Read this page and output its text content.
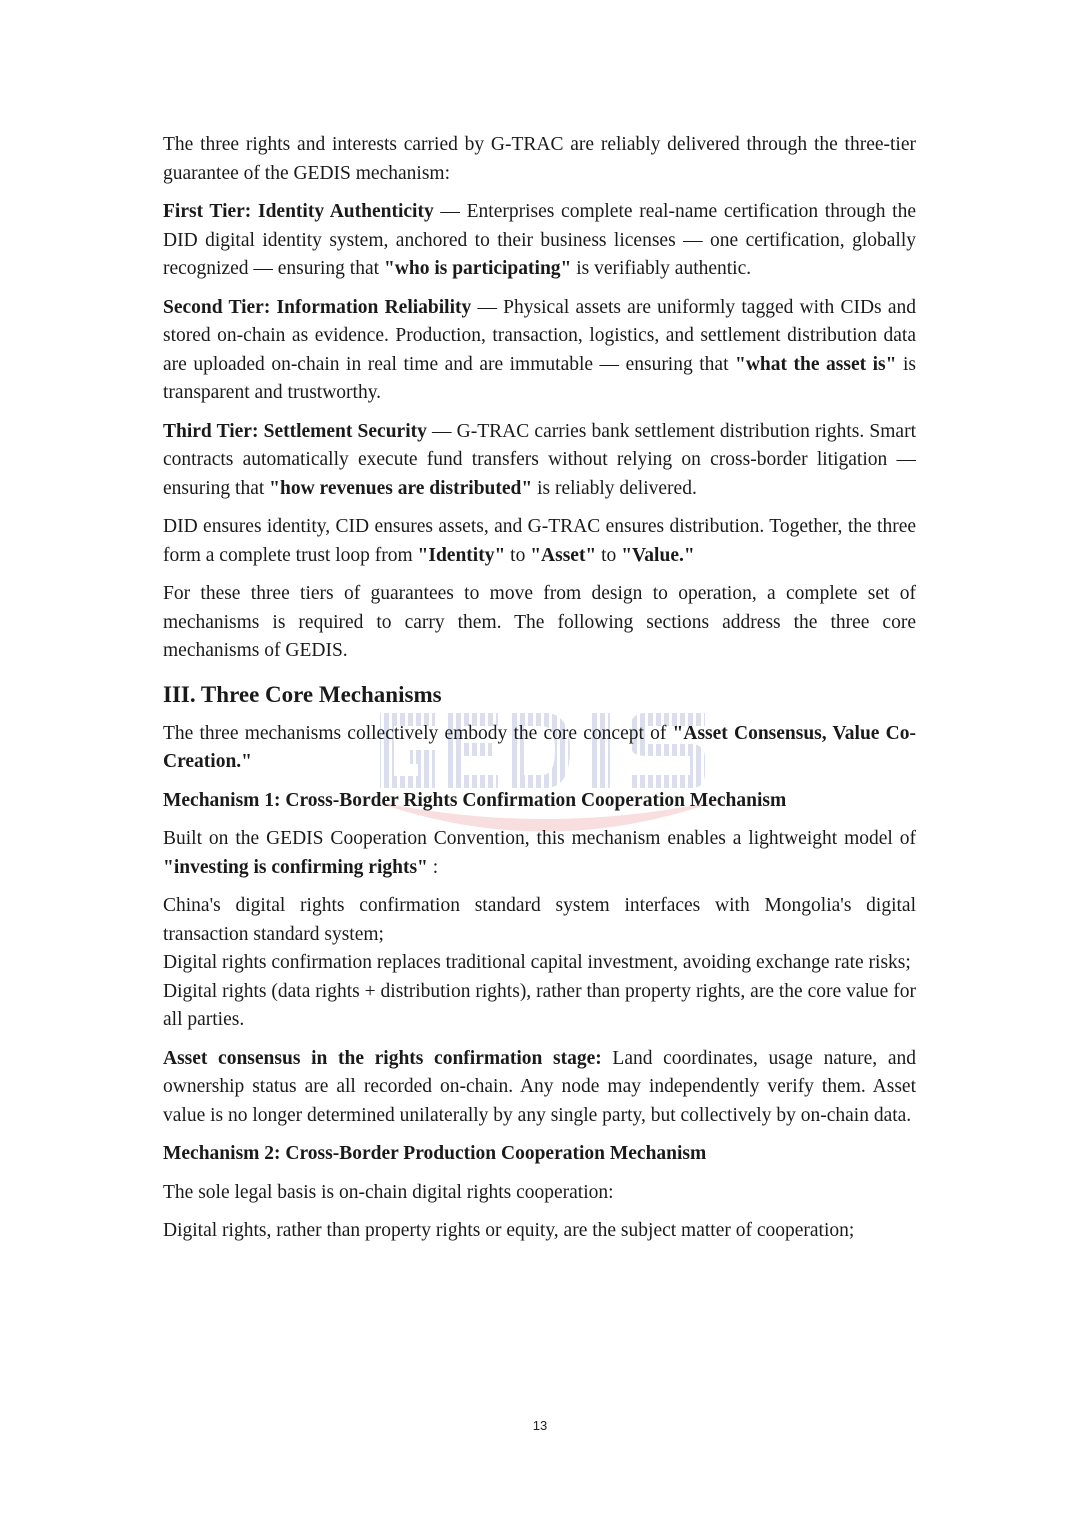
The three rights and interests carried by G-TRAC are reliably delivered through the three-tier guarantee of the GEDIS mechanism:

First Tier: Identity Authenticity — Enterprises complete real-name certification through the DID digital identity system, anchored to their business licenses — one certification, globally recognized — ensuring that "who is participating" is verifiably authentic.

Second Tier: Information Reliability — Physical assets are uniformly tagged with CIDs and stored on-chain as evidence. Production, transaction, logistics, and settlement distribution data are uploaded on-chain in real time and are immutable — ensuring that "what the asset is" is transparent and trustworthy.

Third Tier: Settlement Security — G-TRAC carries bank settlement distribution rights. Smart contracts automatically execute fund transfers without relying on cross-border litigation — ensuring that "how revenues are distributed" is reliably delivered.

DID ensures identity, CID ensures assets, and G-TRAC ensures distribution. Together, the three form a complete trust loop from "Identity" to "Asset" to "Value."

For these three tiers of guarantees to move from design to operation, a complete set of mechanisms is required to carry them. The following sections address the three core mechanisms of GEDIS.

III. Three Core Mechanisms

The three mechanisms collectively embody the core concept of "Asset Consensus, Value Co-Creation."

Mechanism 1: Cross-Border Rights Confirmation Cooperation Mechanism

Built on the GEDIS Cooperation Convention, this mechanism enables a lightweight model of "investing is confirming rights" :

China's digital rights confirmation standard system interfaces with Mongolia's digital transaction standard system;

Digital rights confirmation replaces traditional capital investment, avoiding exchange rate risks;

Digital rights (data rights + distribution rights), rather than property rights, are the core value for all parties.

Asset consensus in the rights confirmation stage: Land coordinates, usage nature, and ownership status are all recorded on-chain. Any node may independently verify them. Asset value is no longer determined unilaterally by any single party, but collectively by on-chain data.

Mechanism 2: Cross-Border Production Cooperation Mechanism

The sole legal basis is on-chain digital rights cooperation:

Digital rights, rather than property rights or equity, are the subject matter of cooperation;

13
